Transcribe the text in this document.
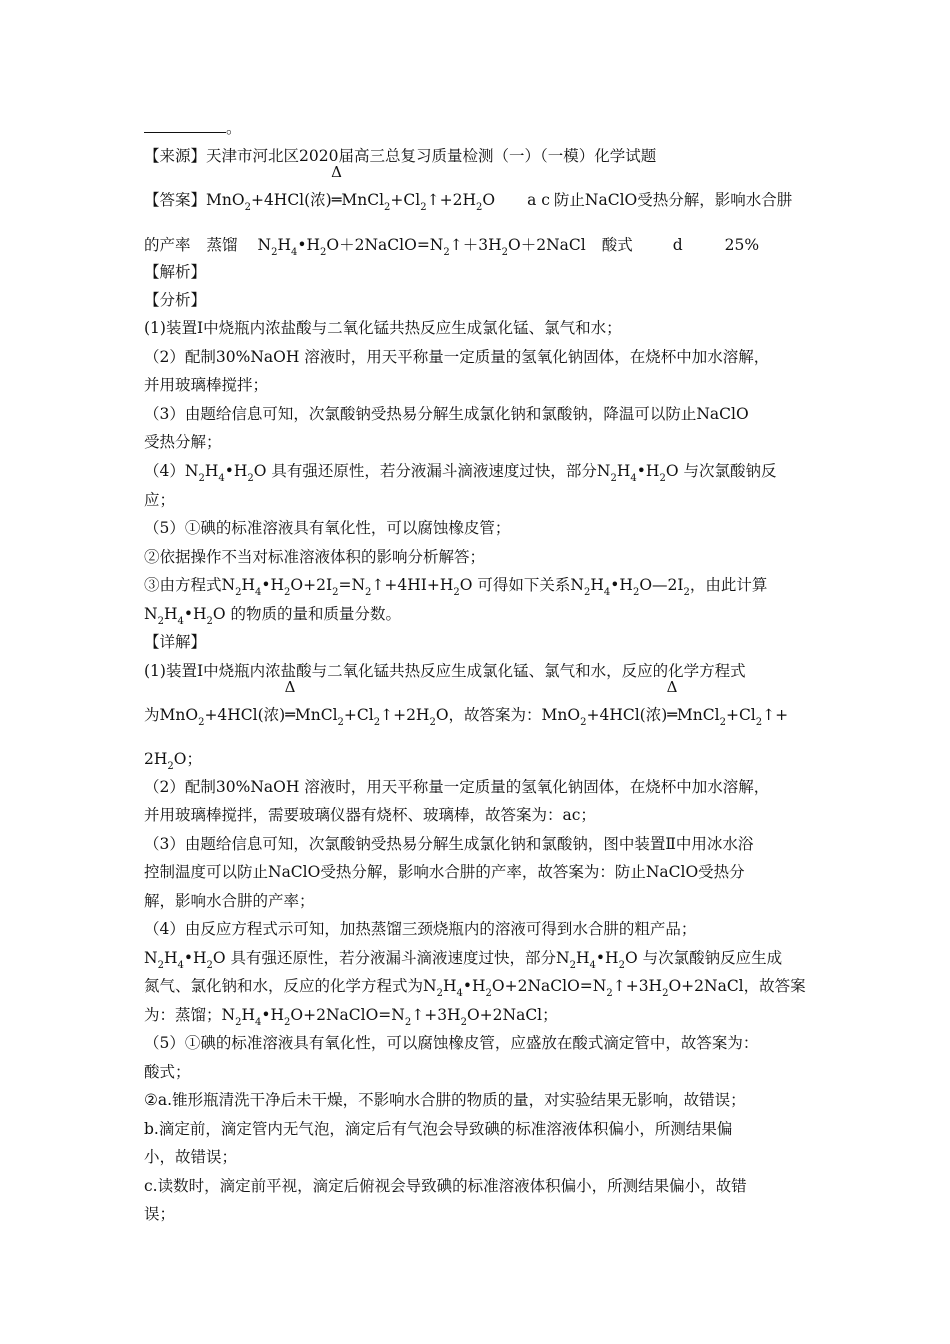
。
【来源】天津市河北区2020届高三总复习质量检测（一）（一模）化学试题
【答案】MnO$_2$+4HCl(浓)
Δ
$═MnCl_2+Cl_2↑+2H_2O$ a c 防止NaClO受热分解，影响水合肼
的产率 蒸馏 $N_2H_4•H_2O+2NaClO=N_2↑+3H_2O+2NaCl$ 酸式	d	25%
【解析】
【分析】
(1)装置Ⅰ中烧瓶内浓盐酸与二氧化锰共热反应生成氯化锰、氯气和水；
（2）配制30%NaOH 溶液时，用天平称量一定质量的氢氧化钠固体，在烧杯中加水溶解，
并用玻璃棒搅拌；
（3）由题给信息可知，次氯酸钠受热易分解生成氯化钠和氯酸钠，降温可以防止NaClO
受热分解；
$(4)N_2H_4•H_2O$ 具有强还原性，若分液漏斗滴液速度过快，部分$N_2H_4•H_2O$ 与次氯酸钠反
应；
（5）①碘的标准溶液具有氧化性，可以腐蚀橡皮管；
②依据操作不当对标准溶液体积的影响分析解答；
③由方程式$N_2H_4•H_2O+2I_2=N_2↑+4HI+H_2O$ 可得如下关系$N_2H_4•H_2O—2I_2$，由此计算
$N_2H_4•H_2O$ 的物质的量和质量分数。
【详解】
(1)装置Ⅰ中烧瓶内浓盐酸与二氧化锰共热反应生成氯化锰、氯气和水，反应的化学方程式
为MnO$_2$+4HCl(浓)
Δ
$═MnCl_2+Cl_2↑+2H_2O$，故答案为：MnO$_2$+4HCl(浓)
Δ
$═MnCl_2+Cl_2↑+$
$2H_2O$；
（2）配制30%NaOH 溶液时，用天平称量一定质量的氢氧化钠固体，在烧杯中加水溶解，
并用玻璃棒搅拌，需要玻璃仪器有烧杯、玻璃棒，故答案为：ac；
（3）由题给信息可知，次氯酸钠受热易分解生成氯化钠和氯酸钠，图中装置Ⅱ中用冰水浴
控制温度可以防止NaClO受热分解，影响水合肼的产率，故答案为：防止NaClO受热分
解，影响水合肼的产率；
（4）由反应方程式示可知，加热蒸馏三颈烧瓶内的溶液可得到水合肼的粗产品；
$N_2H_4•H_2O$ 具有强还原性，若分液漏斗滴液速度过快，部分$N_2H_4•H_2O$ 与次氯酸钠反应生成
氮气、氯化钠和水，反应的化学方程式为$N_2H_4•H_2O+2NaClO=N_2↑+3H_2O+2NaCl$，故答案
为：蒸馏；$N_2H_4•H_2O+2NaClO=N_2↑+3H_2O+2NaCl$；
（5）①碘的标准溶液具有氧化性，可以腐蚀橡皮管，应盛放在酸式滴定管中，故答案为：
酸式；
②a.锥形瓶清洗干净后未干燥，不影响水合肼的物质的量，对实验结果无影响，故错误；
b.滴定前，滴定管内无气泡，滴定后有气泡会导致碘的标准溶液体积偏小，所测结果偏
小，故错误；
c.读数时，滴定前平视，滴定后俯视会导致碘的标准溶液体积偏小，所测结果偏小，故错
误；
